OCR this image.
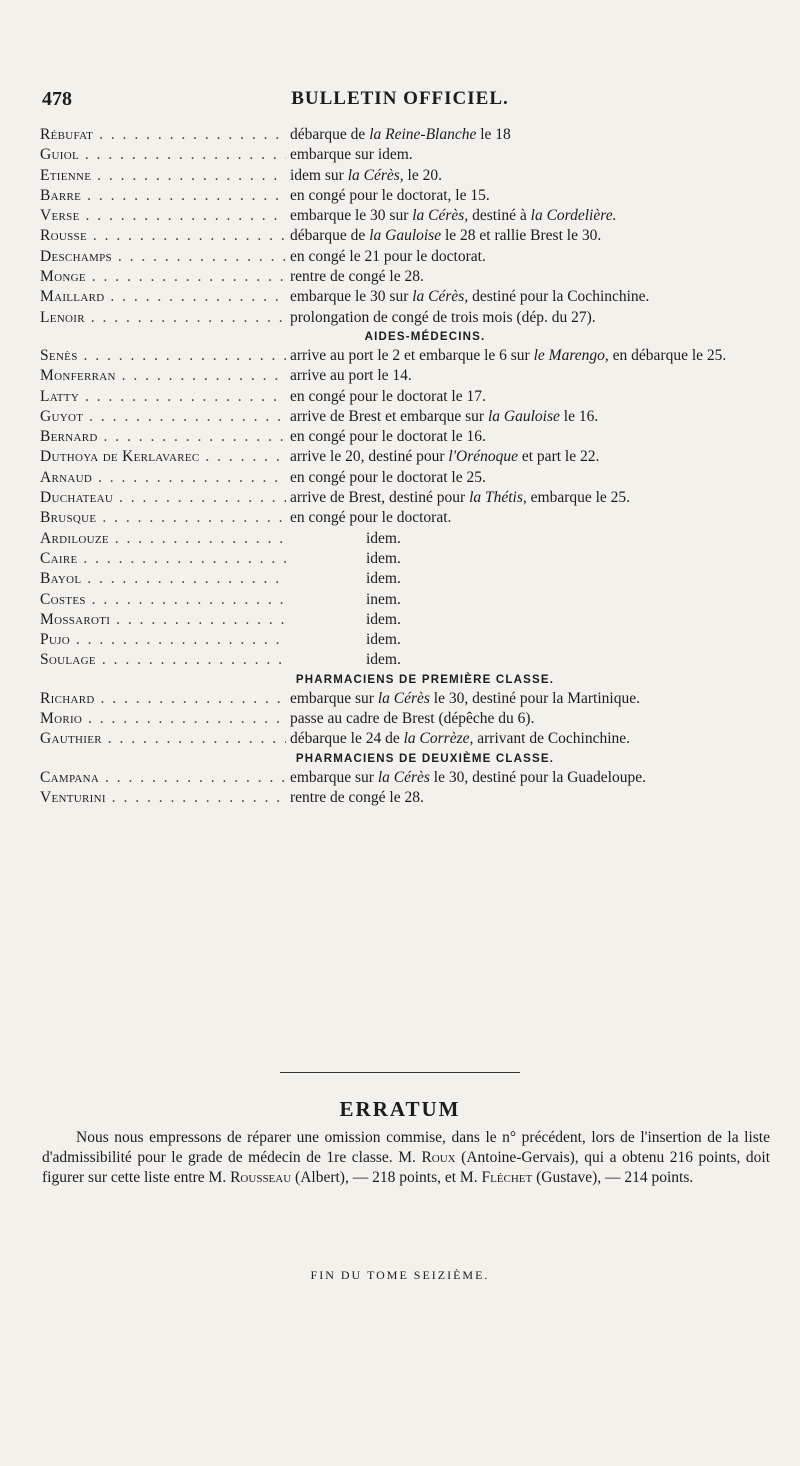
478	BULLETIN OFFICIEL.
Rébufat . . .	débarque de la Reine-Blanche le 18
Guiol . . .	embarque sur idem.
Etienne . . .	idem sur la Cérès, le 20.
Barre . . .	en congé pour le doctorat, le 15.
Verse . . .	embarque le 30 sur la Cérès, destiné à la Cordelière.
Rousse . . .	débarque de la Gauloise le 28 et rallie Brest le 30.
Deschamps . . .	en congé le 21 pour le doctorat.
Monge . . .	rentre de congé le 28.
Maillard . . .	embarque le 30 sur la Cérès, destiné pour la Cochinchine.
Lenoir . . .	prolongation de congé de trois mois (dép. du 27).
AIDES-MÉDECINS.
Senès . . .	arrive au port le 2 et embarque le 6 sur le Marengo, en débarque le 25.
Monferran . . .	arrive au port le 14.
Latty . . .	en congé pour le doctorat le 17.
Guyot . . .	arrive de Brest et embarque sur la Gauloise le 16.
Bernard . . .	en congé pour le doctorat le 16.
Duthoya de Kerlavarec . . .	arrive le 20, destiné pour l'Orénoque et part le 22.
Arnaud . . .	en congé pour le doctorat le 25.
Duchateau . . .	arrive de Brest, destiné pour la Thétis, embarque le 25.
Brusque . . .	en congé pour le doctorat.
Ardilouze . . .	idem.
Caire . . .	idem.
Bayol . . .	idem.
Costes . . .	inem.
Mossaroti . . .	idem.
Pujo . . .	idem.
Soulage . . .	idem.
PHARMACIENS DE PREMIÈRE CLASSE.
Richard . . .	embarque sur la Cérès le 30, destiné pour la Martinique.
Morio . . .	passe au cadre de Brest (dépêche du 6).
Gauthier . . .	débarque le 24 de la Corrèze, arrivant de Cochinchine.
PHARMACIENS DE DEUXIÈME CLASSE.
Campana . . .	embarque sur la Cérès le 30, destiné pour la Guadeloupe.
Venturini . . .	rentre de congé le 28.
ERRATUM
Nous nous empressons de réparer une omission commise, dans le n° précédent, lors de l'insertion de la liste d'admissibilité pour le grade de médecin de 1re classe. M. Roux (Antoine-Gervais), qui a obtenu 216 points, doit figurer sur cette liste entre M. Rousseau (Albert), — 218 points, et M. Fléchet (Gustave), — 214 points.
FIN DU TOME SEIZIÈME.
